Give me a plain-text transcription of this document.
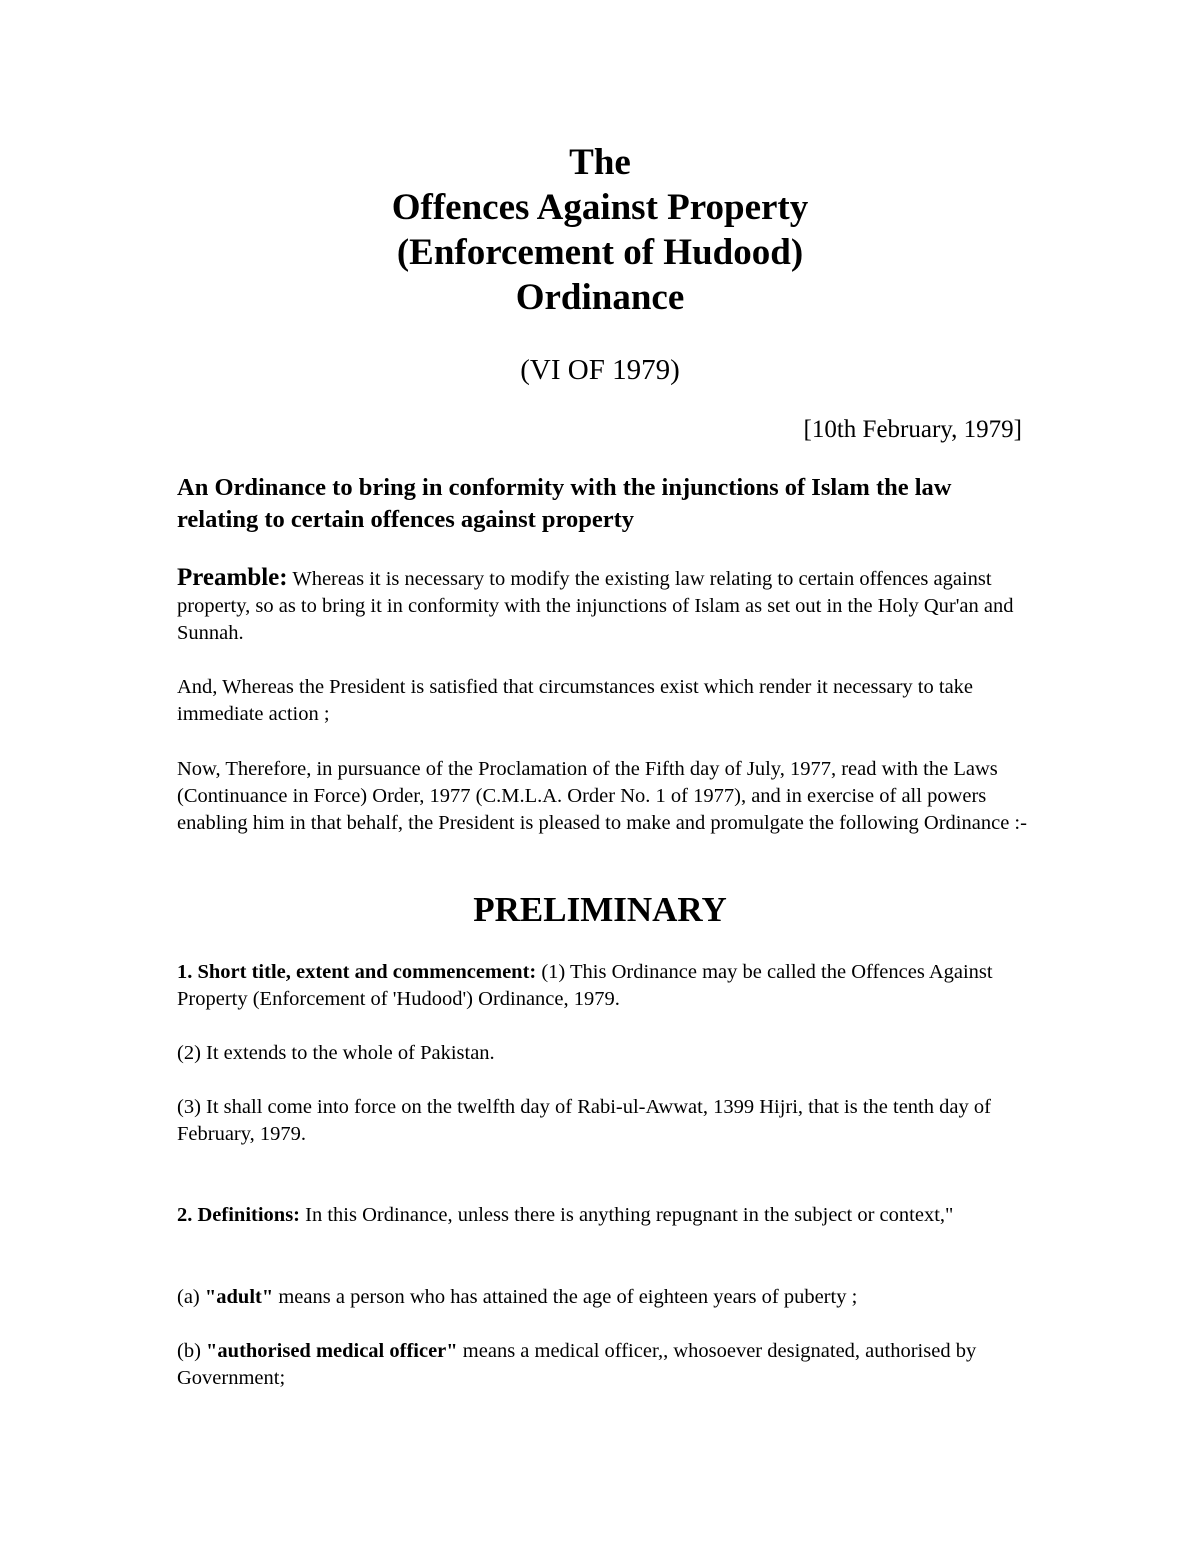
The
Offences Against Property
(Enforcement of Hudood)
Ordinance
(VI OF 1979)
[10th February, 1979]
An Ordinance to bring in conformity with the injunctions of Islam the law relating to certain offences against property
Preamble: Whereas it is necessary to modify the existing law relating to certain offences against property, so as to bring it in conformity with the injunctions of Islam as set out in the Holy Qur'an and Sunnah.
And, Whereas the President is satisfied that circumstances exist which render it necessary to take immediate action ;
Now, Therefore, in pursuance of the Proclamation of the Fifth day of July, 1977, read with the Laws (Continuance in Force) Order, 1977 (C.M.L.A. Order No. 1 of 1977), and in exercise of all powers enabling him in that behalf, the President is pleased to make and promulgate the following Ordinance :-
PRELIMINARY
1. Short title, extent and commencement: (1) This Ordinance may be called the Offences Against Property (Enforcement of 'Hudood') Ordinance, 1979.
(2) It extends to the whole of Pakistan.
(3) It shall come into force on the twelfth day of Rabi-ul-Awwat, 1399 Hijri, that is the tenth day of February, 1979.
2. Definitions: In this Ordinance, unless there is anything repugnant in the subject or context,"
(a) "adult" means a person who has attained the age of eighteen years of puberty ;
(b) "authorised medical officer" means a medical officer,, whosoever designated, authorised by Government;
